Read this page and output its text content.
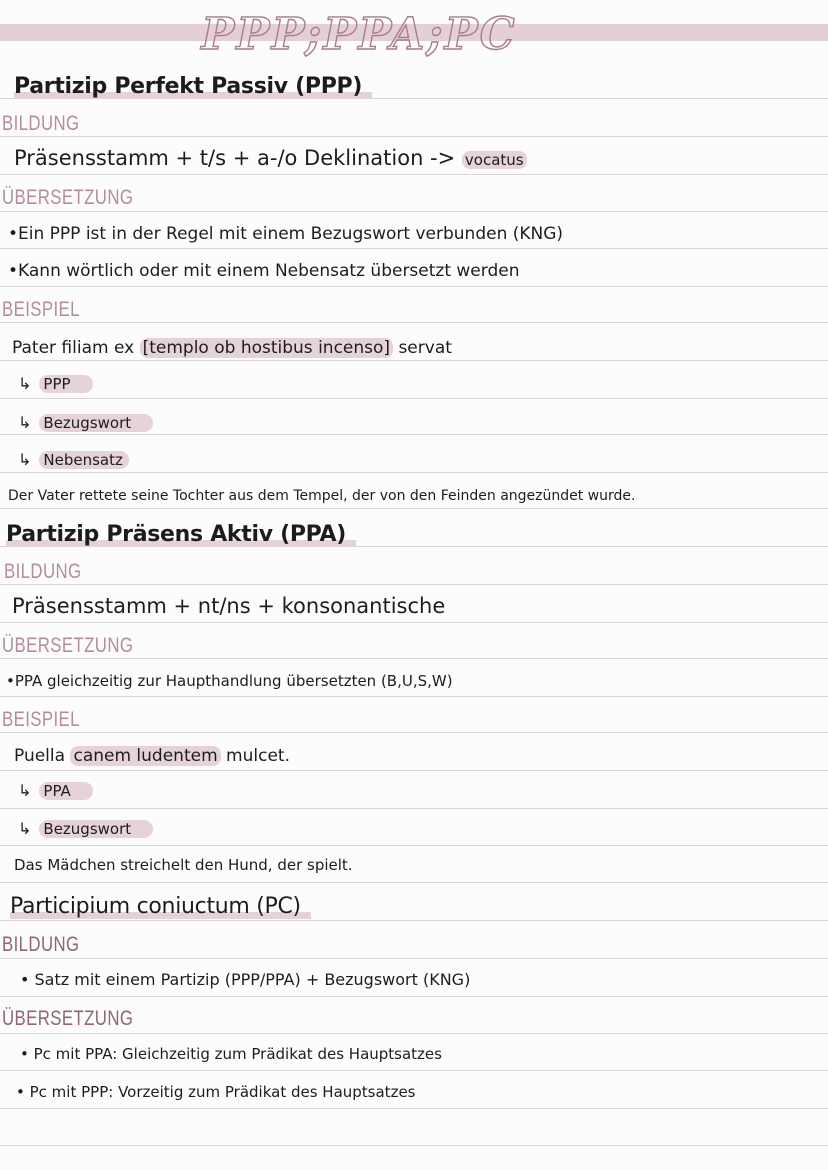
PPP;PPA;PC
Partizip Perfekt Passiv (PPP)
BILDUNG
Präsensstamm + t/s + a-/o Deklination -> vocatus
ÜBERSETZUNG
•Ein PPP ist in der Regel mit einem Bezugswort verbunden (KNG)
•Kann wörtlich oder mit einem Nebensatz übersetzt werden
BEISPIEL
Pater filiam ex [templo ob hostibus incenso] servat
↳ PPP
↳ Bezugswort
↳ Nebensatz
Der Vater rettete seine Tochter aus dem Tempel, der von den Feinden angezündet wurde.
Partizip Präsens Aktiv (PPA)
BILDUNG
Präsensstamm + nt/ns + konsonantische
ÜBERSETZUNG
•PPA gleichzeitig zur Haupthandlung übersetzten (B,U,S,W)
BEISPIEL
Puella canem ludentem mulcet.
↳ PPA
↳ Bezugswort
Das Mädchen streichelt den Hund, der spielt.
Participium coniuctum (PC)
BILDUNG
• Satz mit einem Partizip (PPP/PPA) + Bezugswort (KNG)
ÜBERSETZUNG
• Pc mit PPA: Gleichzeitig zum Prädikat des Hauptsatzes
• Pc mit PPP: Vorzeitig zum Prädikat des Hauptsatzes
